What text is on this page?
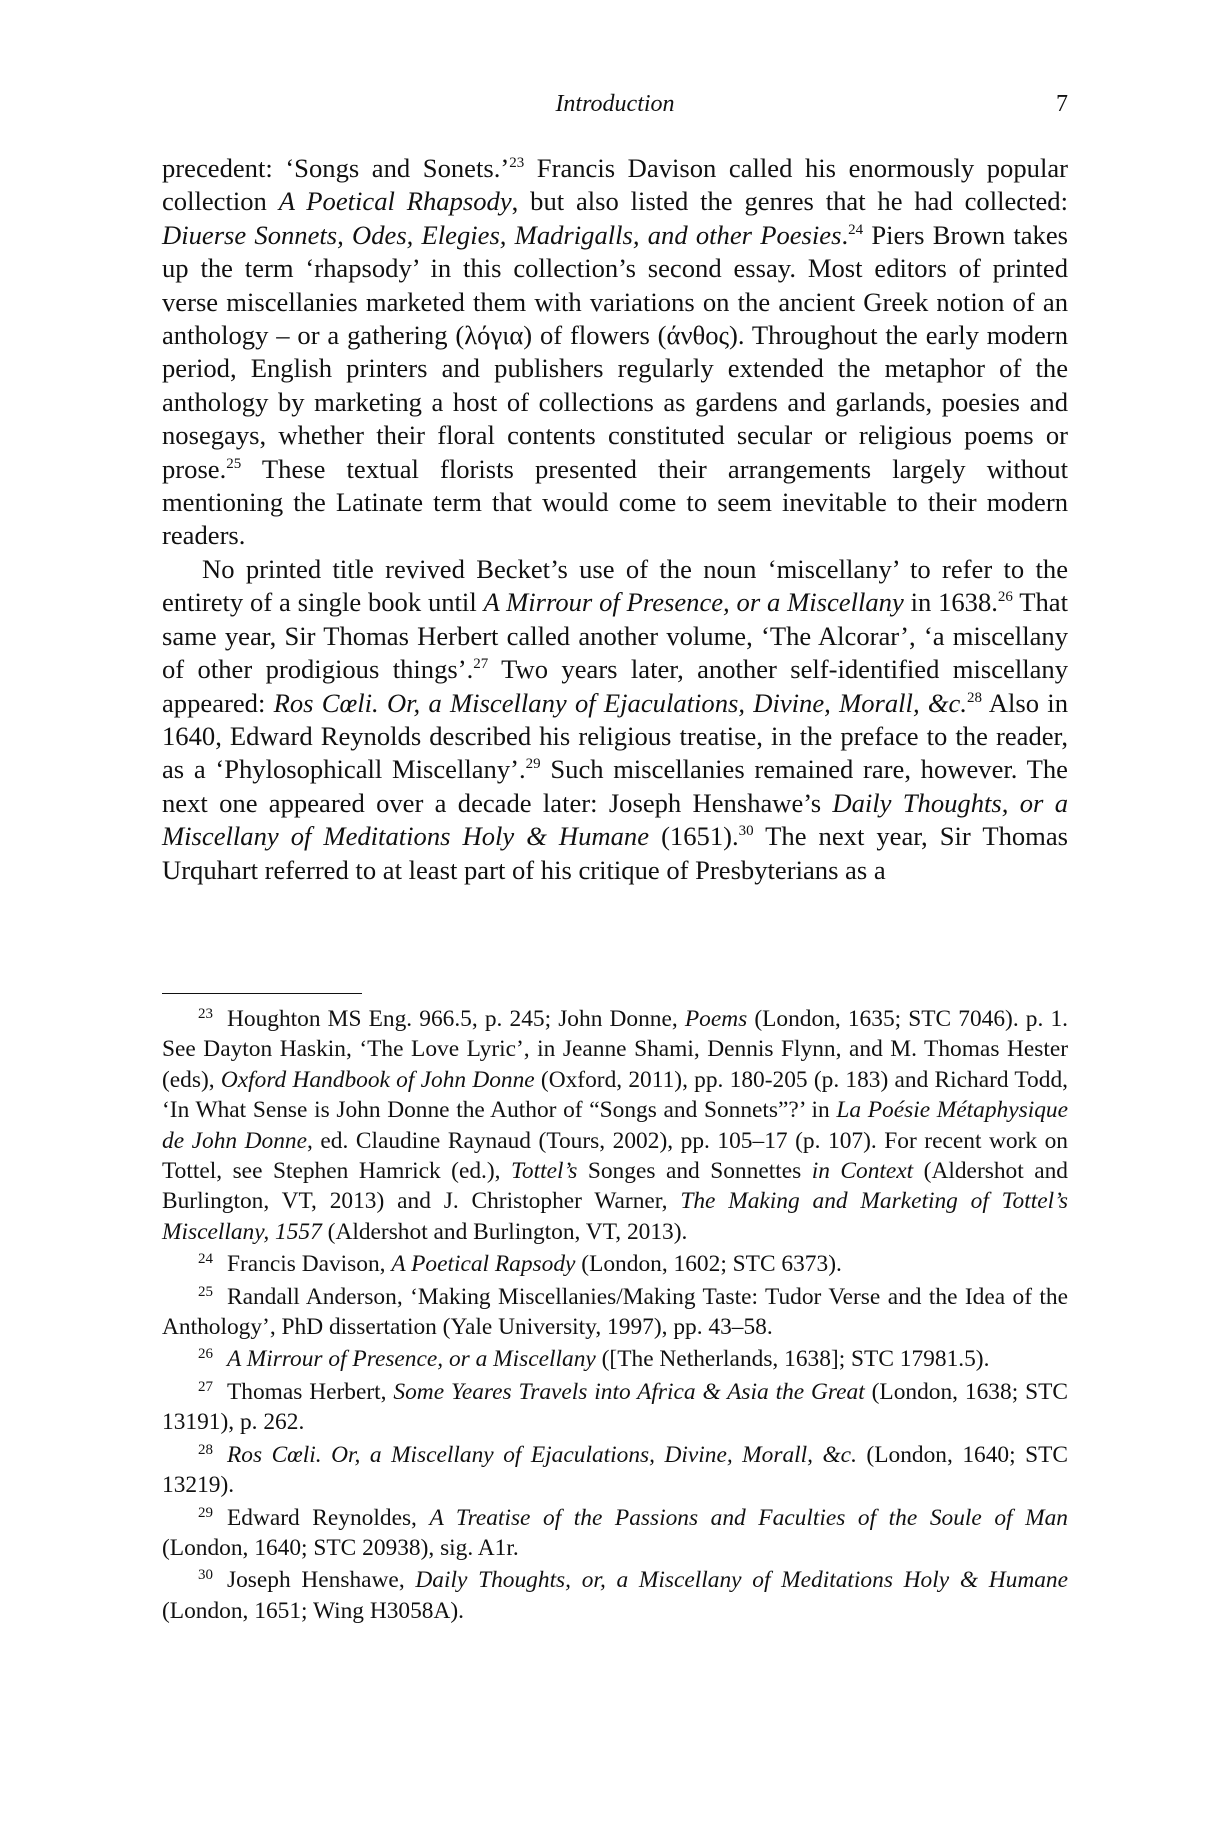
Introduction	7

precedent: ‘Songs and Sonets.’$^{23}$ Francis Davison called his enormously popular collection A Poetical Rhapsody, but also listed the genres that he had collected: Diuerse Sonnets, Odes, Elegies, Madrigalls, and other Poesies.$^{24}$ Piers Brown takes up the term ‘rhapsody’ in this collection’s second essay. Most editors of printed verse miscellanies marketed them with variations on the ancient Greek notion of an anthology – or a gathering (λόγια) of flowers (άνθος). Throughout the early modern period, English printers and publishers regularly extended the metaphor of the anthology by marketing a host of collections as gardens and garlands, poesies and nosegays, whether their floral contents constituted secular or religious poems or prose.$^{25}$ These textual florists presented their arrangements largely without mentioning the Latinate term that would come to seem inevitable to their modern readers.

No printed title revived Becket’s use of the noun ‘miscellany’ to refer to the entirety of a single book until A Mirrour of Presence, or a Miscellany in 1638.26 That same year, Sir Thomas Herbert called another volume, ‘The Alcorar’, ‘a miscellany of other prodigious things’.$^{27}$ Two years later, another self-identified miscellany appeared: Ros Cœli. Or, a Miscellany of Ejaculations, Divine, Morall, &c.$^{28}$ Also in 1640, Edward Reynolds described his religious treatise, in the preface to the reader, as a ‘Phylosophicall Miscellany’.$^{29}$ Such miscellanies remained rare, however. The next one appeared over a decade later: Joseph Henshawe’s Daily Thoughts, or a Miscellany of Meditations Holy & Humane (1651).$^{30}$ The next year, Sir Thomas Urquhart referred to at least part of his critique of Presbyterians as a

$^{23}$ Houghton MS Eng. 966.5, p. 245; John Donne, Poems (London, 1635; STC 7046). p. 1. See Dayton Haskin, ‘The Love Lyric’, in Jeanne Shami, Dennis Flynn, and M. Thomas Hester (eds), Oxford Handbook of John Donne (Oxford, 2011), pp. 180-205 (p. 183) and Richard Todd, ‘In What Sense is John Donne the Author of “Songs and Sonnets”?’ in La Poésie Métaphysique de John Donne, ed. Claudine Raynaud (Tours, 2002), pp. 105–17 (p. 107). For recent work on Tottel, see Stephen Hamrick (ed.), Tottel’s Songes and Sonnettes in Context (Aldershot and Burlington, VT, 2013) and J. Christopher Warner, The Making and Marketing of Tottel’s Miscellany, 1557 (Aldershot and Burlington, VT, 2013).

$^{24}$ Francis Davison, A Poetical Rapsody (London, 1602; STC 6373).

$^{25}$ Randall Anderson, ‘Making Miscellanies/Making Taste: Tudor Verse and the Idea of the Anthology’, PhD dissertation (Yale University, 1997), pp. 43–58.

$^{26}$ A Mirrour of Presence, or a Miscellany ([The Netherlands, 1638]; STC 17981.5).

$^{27}$ Thomas Herbert, Some Yeares Travels into Africa & Asia the Great (London, 1638; STC 13191), p. 262.

$^{28}$ Ros Cœli. Or, a Miscellany of Ejaculations, Divine, Morall, &c. (London, 1640; STC 13219).

$^{29}$ Edward Reynoldes, A Treatise of the Passions and Faculties of the Soule of Man (London, 1640; STC 20938), sig. A1r.

$^{30}$ Joseph Henshawe, Daily Thoughts, or, a Miscellany of Meditations Holy & Humane (London, 1651; Wing H3058A).
